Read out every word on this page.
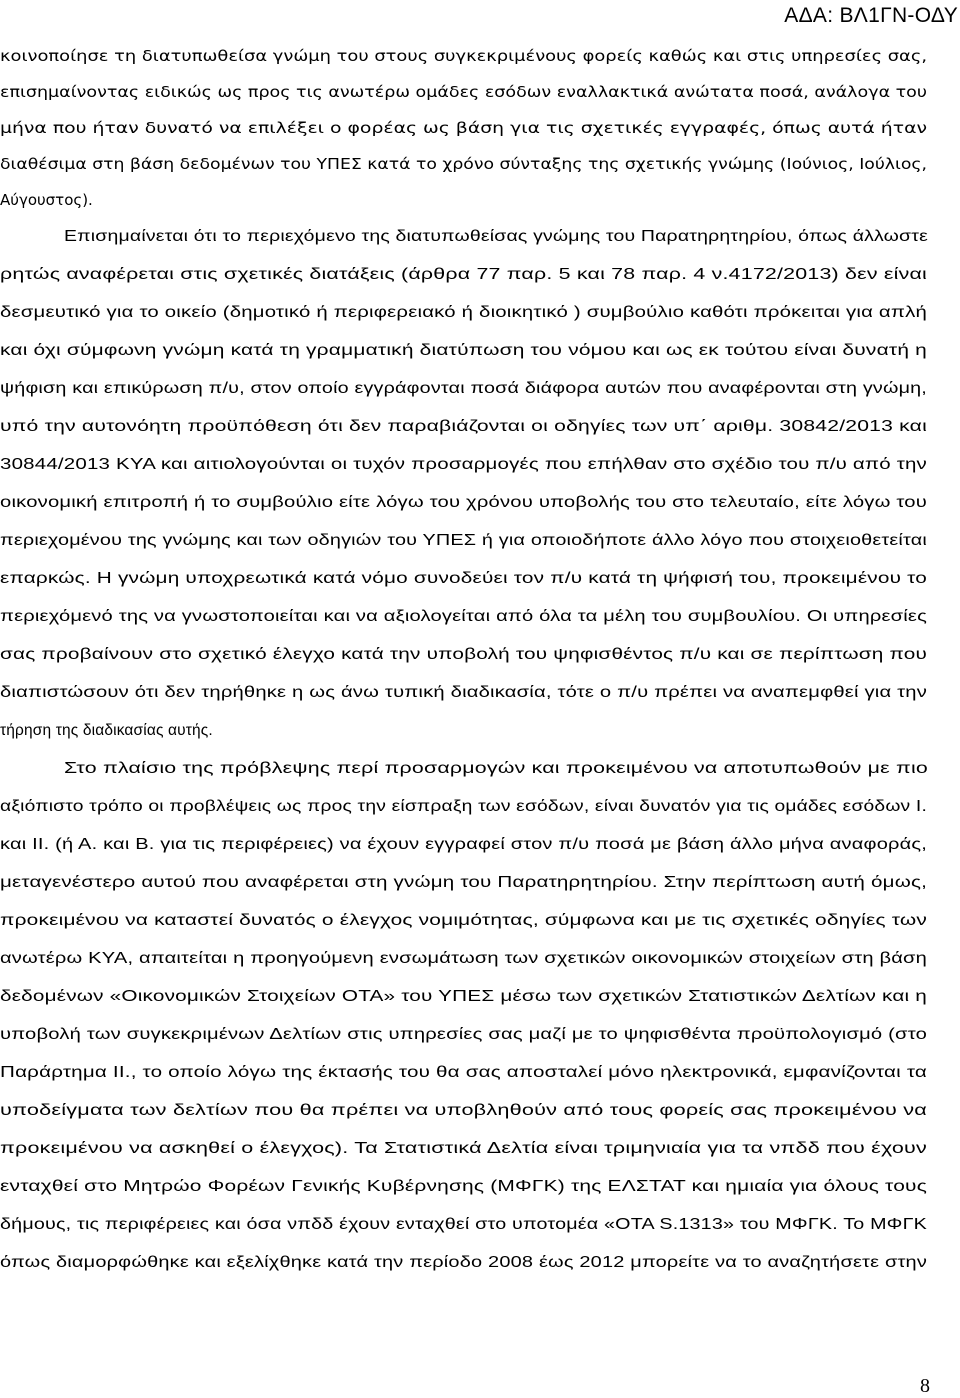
ΑΔΑ: ΒΛ1ΓΝ-ΟΔΥ
κοινοποίησε τη διατυπωθείσα γνώμη του στους συγκεκριμένους φορείς καθώς και στις υπηρεσίες σας,
επισημαίνοντας ειδικώς ως προς τις ανωτέρω ομάδες εσόδων εναλλακτικά ανώτατα ποσά, ανάλογα του
μήνα που ήταν δυνατό να επιλέξει ο φορέας ως βάση για τις σχετικές εγγραφές, όπως αυτά ήταν
διαθέσιμα στη βάση δεδομένων του ΥΠΕΣ κατά το χρόνο σύνταξης της σχετικής γνώμης (Ιούνιος, Ιούλιος,
Αύγουστος).
Επισημαίνεται ότι το περιεχόμενο της διατυπωθείσας γνώμης του Παρατηρητηρίου, όπως άλλωστε
ρητώς αναφέρεται στις σχετικές διατάξεις (άρθρα 77 παρ. 5 και 78 παρ. 4 ν.4172/2013) δεν είναι
δεσμευτικό για το οικείο (δημοτικό ή περιφερειακό ή διοικητικό ) συμβούλιο καθότι πρόκειται για απλή
και όχι σύμφωνη γνώμη κατά τη γραμματική διατύπωση του νόμου και ως εκ τούτου είναι δυνατή η
ψήφιση και επικύρωση π/υ, στον οποίο εγγράφονται ποσά διάφορα αυτών που αναφέρονται στη γνώμη,
υπό την αυτονόητη προϋπόθεση ότι δεν παραβιάζονται οι οδηγίες των υπ΄ αριθμ. 30842/2013 και
30844/2013 ΚΥΑ και αιτιολογούνται οι τυχόν προσαρμογές που επήλθαν στο σχέδιο του π/υ από την
οικονομική επιτροπή ή το συμβούλιο είτε λόγω του χρόνου υποβολής του στο τελευταίο, είτε λόγω του
περιεχομένου της γνώμης και των οδηγιών του ΥΠΕΣ ή για οποιοδήποτε άλλο λόγο που στοιχειοθετείται
επαρκώς. Η γνώμη υποχρεωτικά κατά νόμο συνοδεύει τον π/υ κατά τη ψήφισή του, προκειμένου το
περιεχόμενό της να γνωστοποιείται και να αξιολογείται από όλα τα μέλη του συμβουλίου. Οι υπηρεσίες
σας προβαίνουν στο σχετικό έλεγχο κατά την υποβολή του ψηφισθέντος π/υ και σε περίπτωση που
διαπιστώσουν ότι δεν τηρήθηκε η ως άνω τυπική διαδικασία, τότε ο π/υ πρέπει να αναπεμφθεί για την
τήρηση της διαδικασίας αυτής.
Στο πλαίσιο της πρόβλεψης περί προσαρμογών και προκειμένου να αποτυπωθούν με πιο
αξιόπιστο τρόπο οι προβλέψεις ως προς την είσπραξη των εσόδων, είναι δυνατόν για τις ομάδες εσόδων Ι.
και ΙΙ. (ή Α. και Β. για τις περιφέρειες) να έχουν εγγραφεί στον π/υ ποσά με βάση άλλο μήνα αναφοράς,
μεταγενέστερο αυτού που αναφέρεται στη γνώμη του Παρατηρητηρίου. Στην περίπτωση αυτή όμως,
προκειμένου να καταστεί δυνατός ο έλεγχος νομιμότητας, σύμφωνα και με τις σχετικές οδηγίες των
ανωτέρω ΚΥΑ, απαιτείται η προηγούμενη ενσωμάτωση των σχετικών οικονομικών στοιχείων στη βάση
δεδομένων «Οικονομικών Στοιχείων ΟΤΑ» του ΥΠΕΣ μέσω των σχετικών Στατιστικών Δελτίων και η
υποβολή των συγκεκριμένων Δελτίων στις υπηρεσίες σας μαζί με το ψηφισθέντα προϋπολογισμό (στο
Παράρτημα ΙΙ., το οποίο λόγω της έκτασής του θα σας αποσταλεί μόνο ηλεκτρονικά, εμφανίζονται τα
υποδείγματα των δελτίων που θα πρέπει να υποβληθούν από τους φορείς σας προκειμένου να
προκειμένου να ασκηθεί ο έλεγχος). Τα Στατιστικά Δελτία είναι τριμηνιαία για τα νπδδ που έχουν
ενταχθεί στο Μητρώο Φορέων Γενικής Κυβέρνησης (ΜΦΓΚ) της ΕΛΣΤΑΤ και ημιαία για όλους τους
δήμους, τις περιφέρειες και όσα νπδδ έχουν ενταχθεί στο υποτομέα «ΟΤΑ S.1313» του ΜΦΓΚ. Το ΜΦΓΚ
όπως διαμορφώθηκε και εξελίχθηκε κατά την περίοδο 2008 έως 2012 μπορείτε να το αναζητήσετε στην
8
